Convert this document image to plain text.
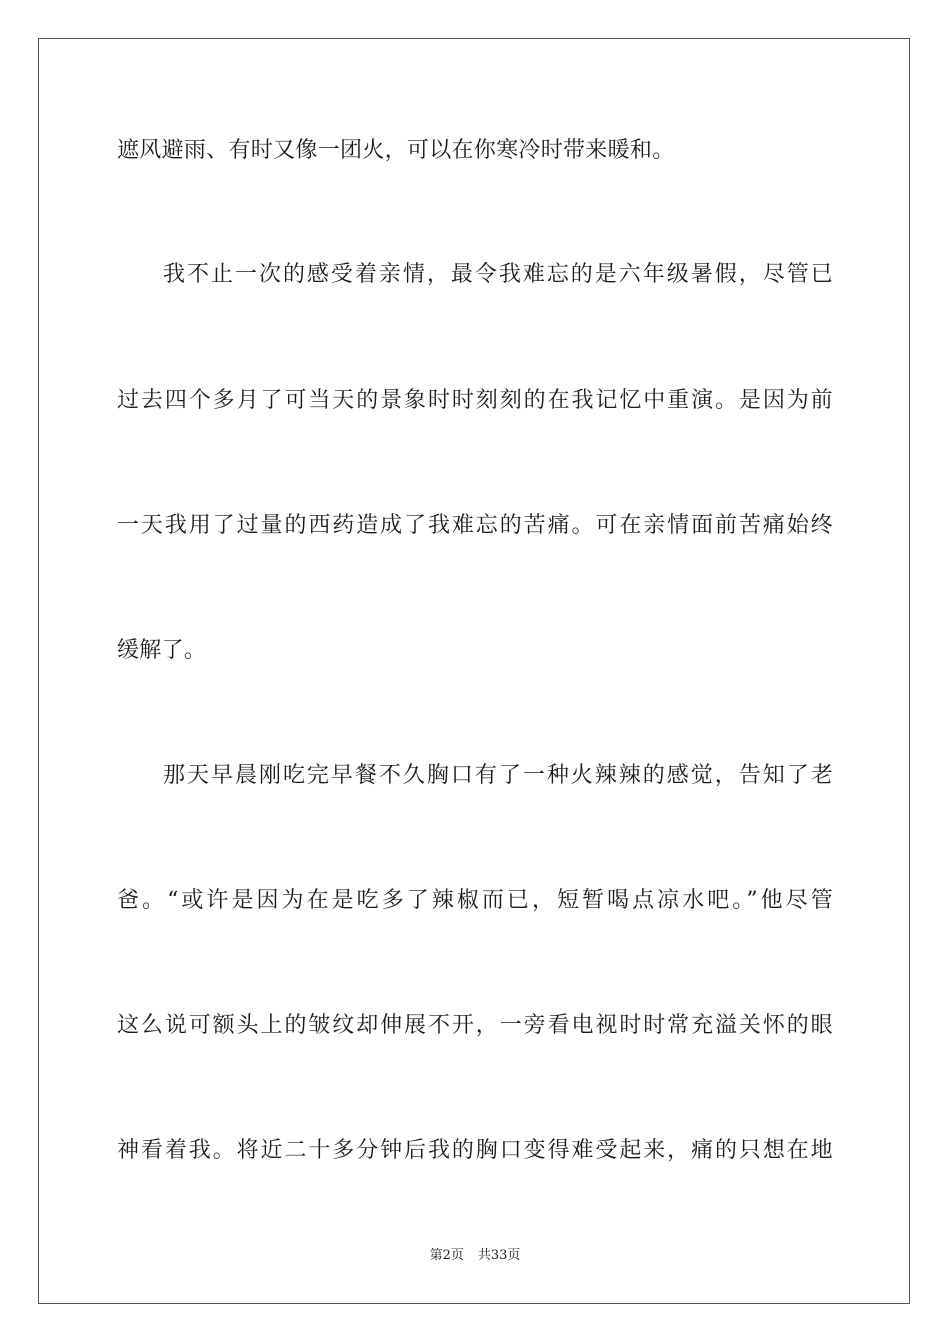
遮风避雨、有时又像一团火，可以在你寒冷时带来暖和。
我不止一次的感受着亲情，最令我难忘的是六年级暑假，尽管已
过去四个多月了可当天的景象时时刻刻的在我记忆中重演。是因为前
一天我用了过量的西药造成了我难忘的苦痛。可在亲情面前苦痛始终
缓解了。
那天早晨刚吃完早餐不久胸口有了一种火辣辣的感觉，告知了老
爸。“或许是因为在是吃多了辣椒而已，短暂喝点凉水吧。”他尽管
这么说可额头上的皱纹却伸展不开，一旁看电视时时常充溢关怀的眼
神看着我。将近二十多分钟后我的胸口变得难受起来，痛的只想在地
第2页 共33页
